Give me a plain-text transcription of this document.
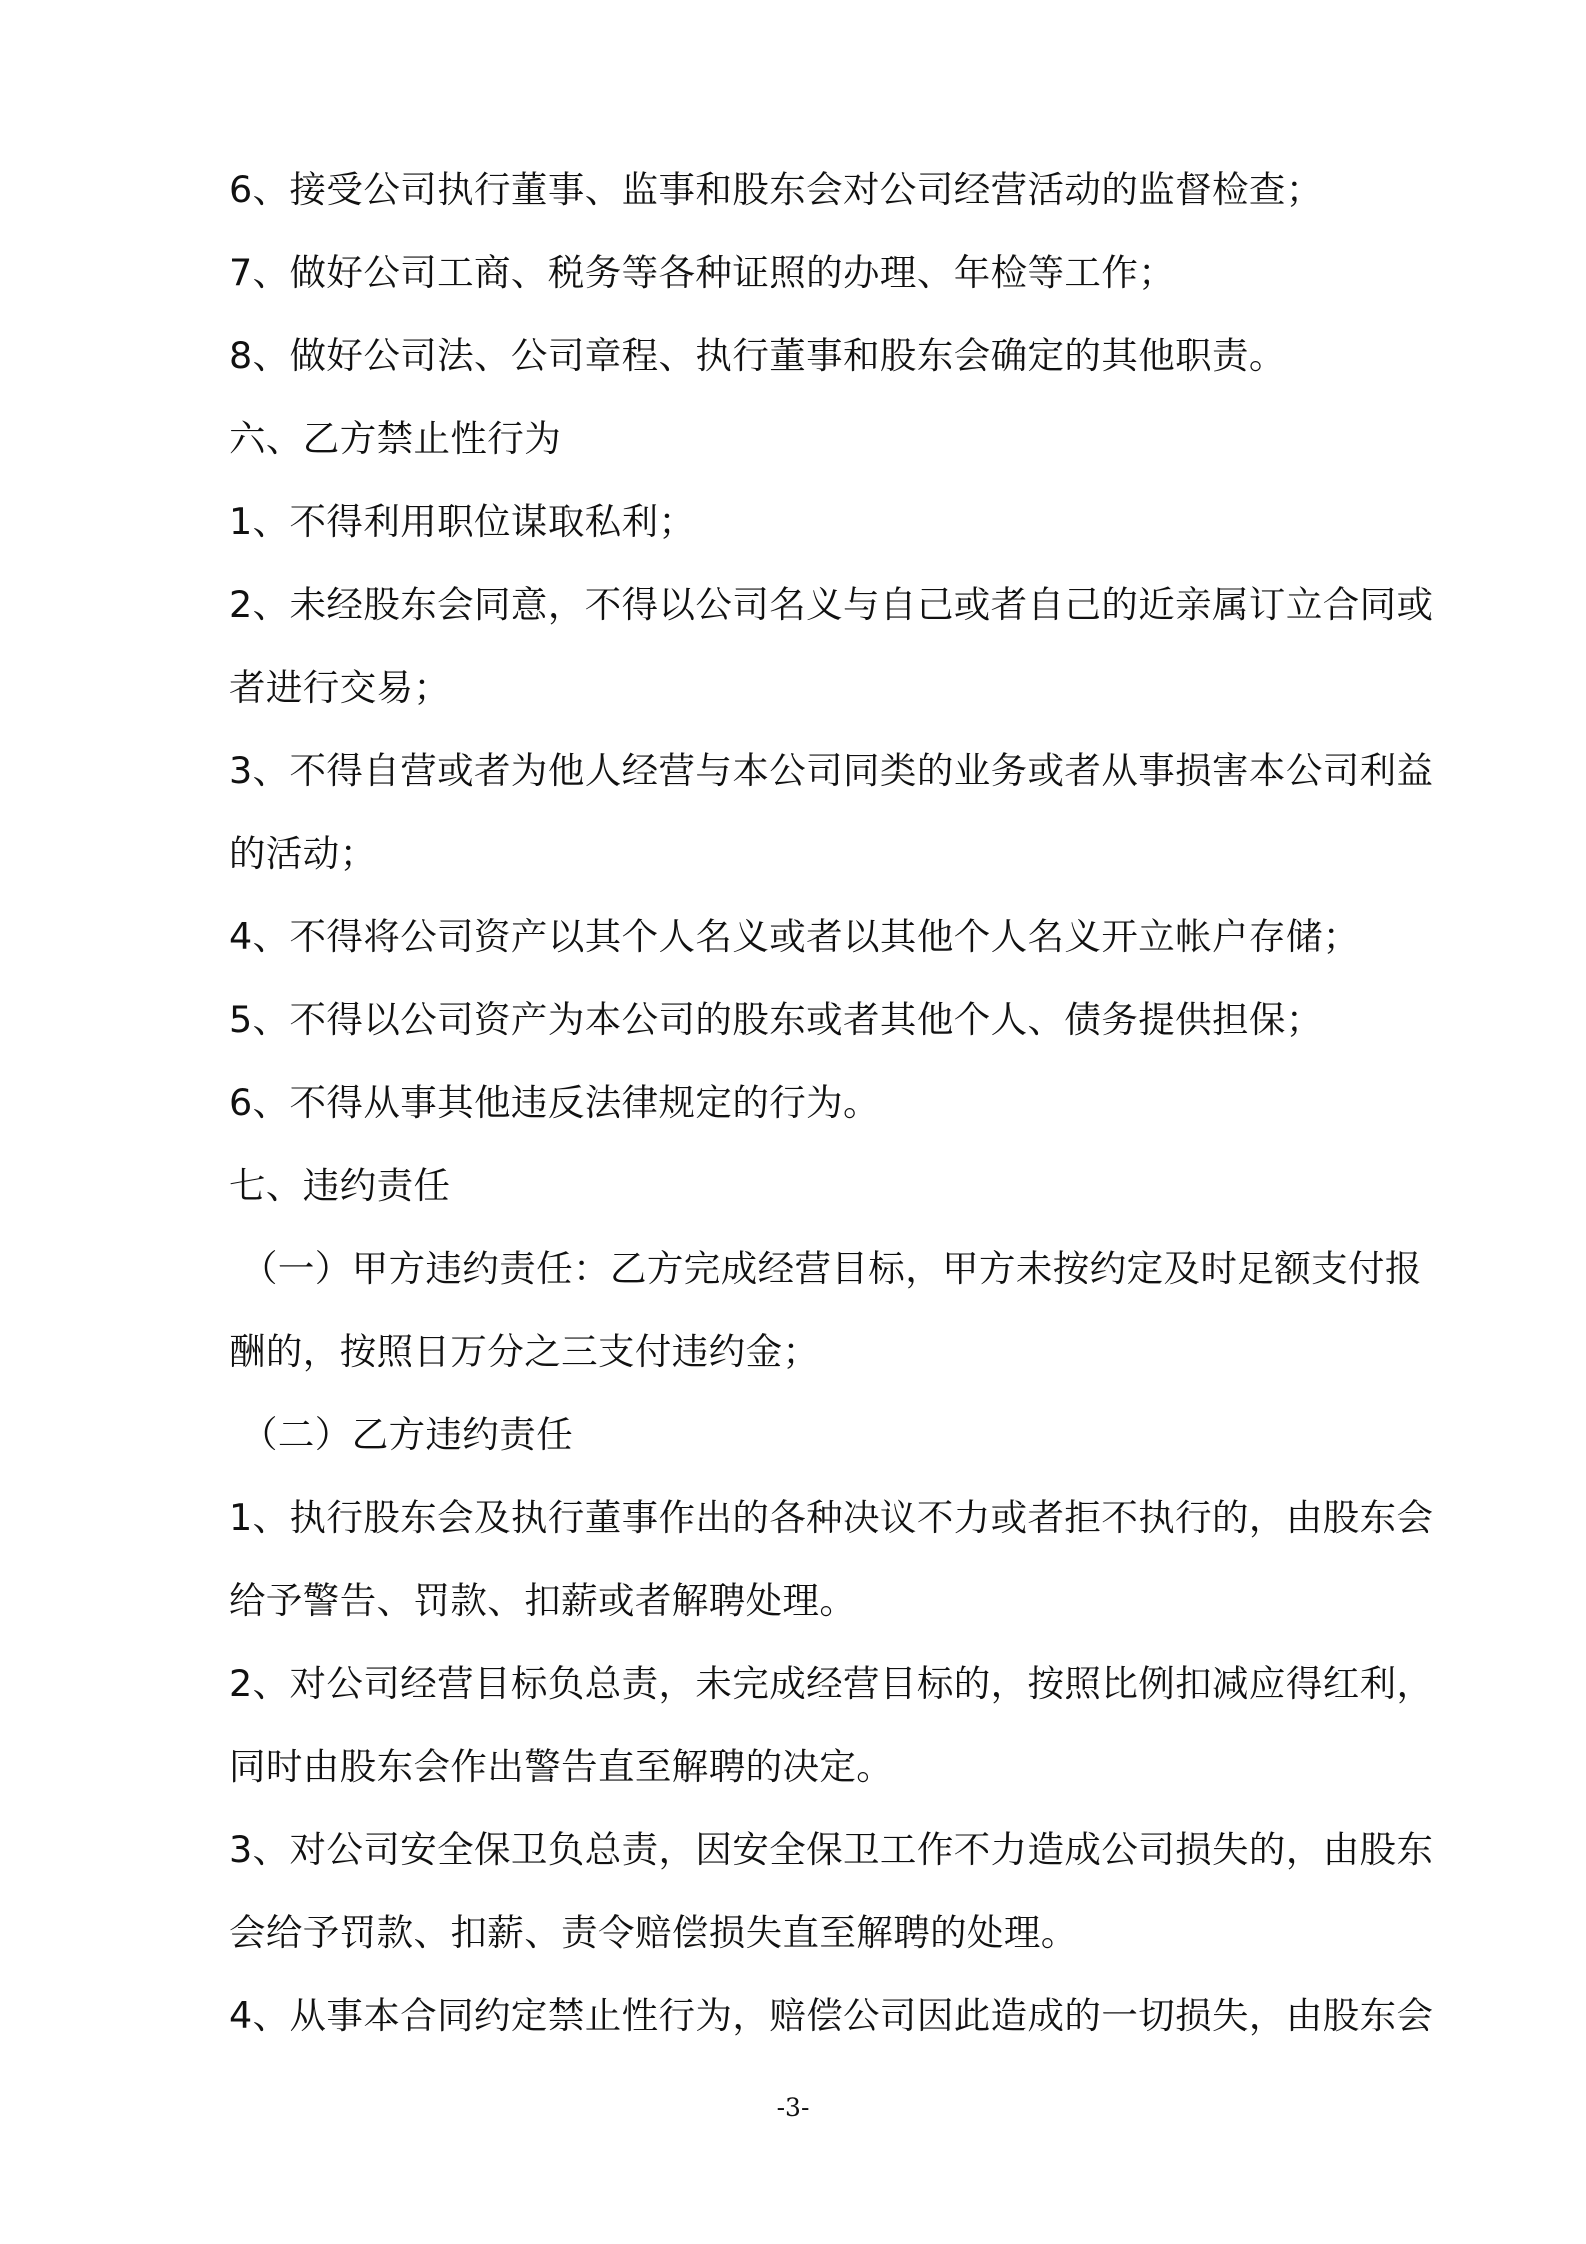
6、接受公司执行董事、监事和股东会对公司经营活动的监督检查；
7、做好公司工商、税务等各种证照的办理、年检等工作；
8、做好公司法、公司章程、执行董事和股东会确定的其他职责。
六、乙方禁止性行为
1、不得利用职位谋取私利；
2、未经股东会同意，不得以公司名义与自己或者自己的近亲属订立合同或
者进行交易；
3、不得自营或者为他人经营与本公司同类的业务或者从事损害本公司利益
的活动；
4、不得将公司资产以其个人名义或者以其他个人名义开立帐户存储；
5、不得以公司资产为本公司的股东或者其他个人、债务提供担保；
6、不得从事其他违反法律规定的行为。
七、违约责任
（一）甲方违约责任：乙方完成经营目标，甲方未按约定及时足额支付报
酬的，按照日万分之三支付违约金；
（二）乙方违约责任
1、执行股东会及执行董事作出的各种决议不力或者拒不执行的，由股东会
给予警告、罚款、扣薪或者解聘处理。
2、对公司经营目标负总责，未完成经营目标的，按照比例扣减应得红利，
同时由股东会作出警告直至解聘的决定。
3、对公司安全保卫负总责，因安全保卫工作不力造成公司损失的，由股东
会给予罚款、扣薪、责令赔偿损失直至解聘的处理。
4、从事本合同约定禁止性行为，赔偿公司因此造成的一切损失，由股东会
-3-
